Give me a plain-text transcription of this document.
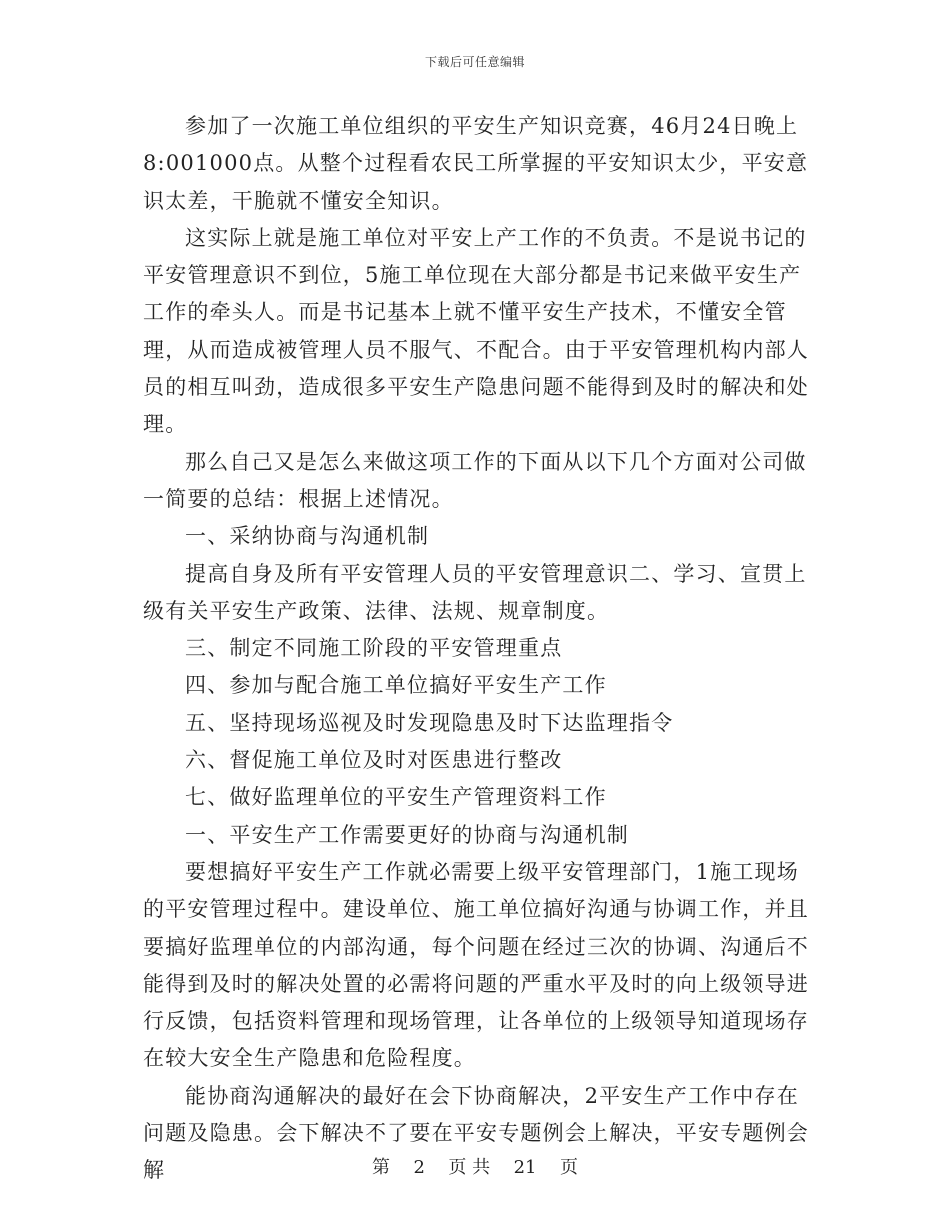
下载后可任意编辑

参加了一次施工单位组织的平安生产知识竞赛，46月24日晚上8:001000点。从整个过程看农民工所掌握的平安知识太少，平安意识太差，干脆就不懂安全知识。

这实际上就是施工单位对平安上产工作的不负责。不是说书记的平安管理意识不到位，5施工单位现在大部分都是书记来做平安生产工作的牵头人。而是书记基本上就不懂平安生产技术，不懂安全管理，从而造成被管理人员不服气、不配合。由于平安管理机构内部人员的相互叫劲，造成很多平安生产隐患问题不能得到及时的解决和处理。

那么自己又是怎么来做这项工作的下面从以下几个方面对公司做一简要的总结：根据上述情况。

一、采纳协商与沟通机制

提高自身及所有平安管理人员的平安管理意识二、学习、宣贯上级有关平安生产政策、法律、法规、规章制度。

三、制定不同施工阶段的平安管理重点

四、参加与配合施工单位搞好平安生产工作

五、坚持现场巡视及时发现隐患及时下达监理指令

六、督促施工单位及时对医患进行整改

七、做好监理单位的平安生产管理资料工作

一、平安生产工作需要更好的协商与沟通机制

要想搞好平安生产工作就必需要上级平安管理部门，1施工现场的平安管理过程中。建设单位、施工单位搞好沟通与协调工作，并且要搞好监理单位的内部沟通，每个问题在经过三次的协调、沟通后不能得到及时的解决处置的必需将问题的严重水平及时的向上级领导进行反馈，包括资料管理和现场管理，让各单位的上级领导知道现场存在较大安全生产隐患和危险程度。

能协商沟通解决的最好在会下协商解决，2平安生产工作中存在问题及隐患。会下解决不了要在平安专题例会上解决，平安专题例会解	第 2 页 共 21 页
